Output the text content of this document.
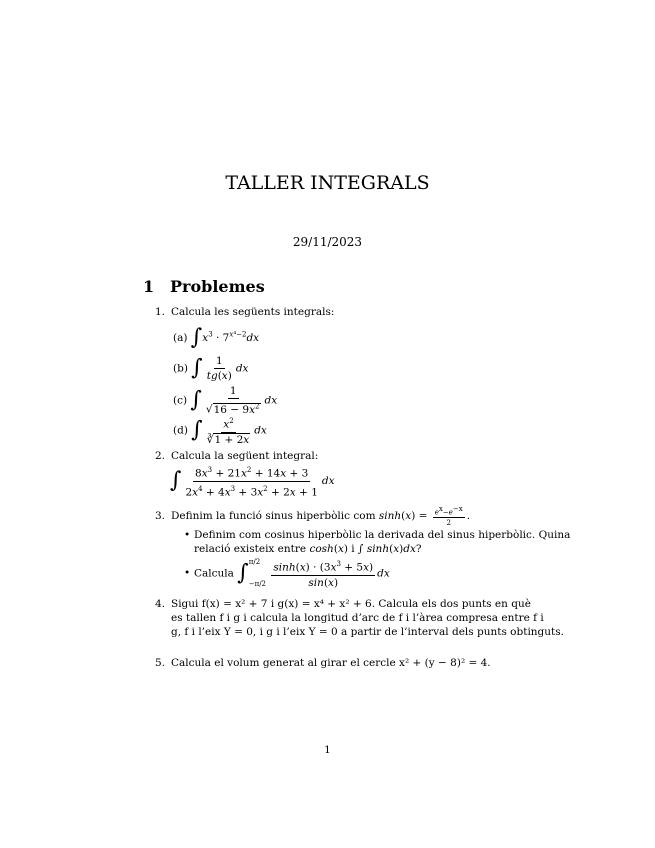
TALLER INTEGRALS
29/11/2023
1 Problemes
1. Calcula les següents integrals:
(a) $\int x^3 \cdot 7^{x^4-2}dx$
(b) ∫ $\frac{1}{tg(x)}$ dx
(c) ∫ $\frac{1}{√16 - 9x^2}$ dx
(d) ∫ $\frac{x^2}{∛1 + 2x}$ dx
2. Calcula la següent integral:
∫ $\frac{8x^3 + 21x^2 + 14x + 3}{2x^4 + 4x^3 + 3x^2 + 2x + 1}$ dx
3. Definim la funció sinus hiperbòlic com $\sinh(x) = \frac{ex-e-x}{2}$ .
• Definim com cosinus hiperbòlic la derivada del sinus hiperbòlic. Quina
relació existeix entre cosh(x) i ∫ sinh(x)dx?
• Calcula ∫ π/2
−π/2
$\frac{\sinh(x) \cdot (3x^3 + 5x)}{\sin(x)}$ dx
4. Sigui f(x) = x² + 7 i g(x) = x⁴ + x² + 6. Calcula els dos punts en què
es tallen f i g i calcula la longitud d’arc de f i l’àrea compresa entre f i
g, f i l’eix Y = 0, i g i l’eix Y = 0 a partir de l’interval dels punts obtinguts.
5. Calcula el volum generat al girar el cercle x² + (y − 8)² = 4.
1
